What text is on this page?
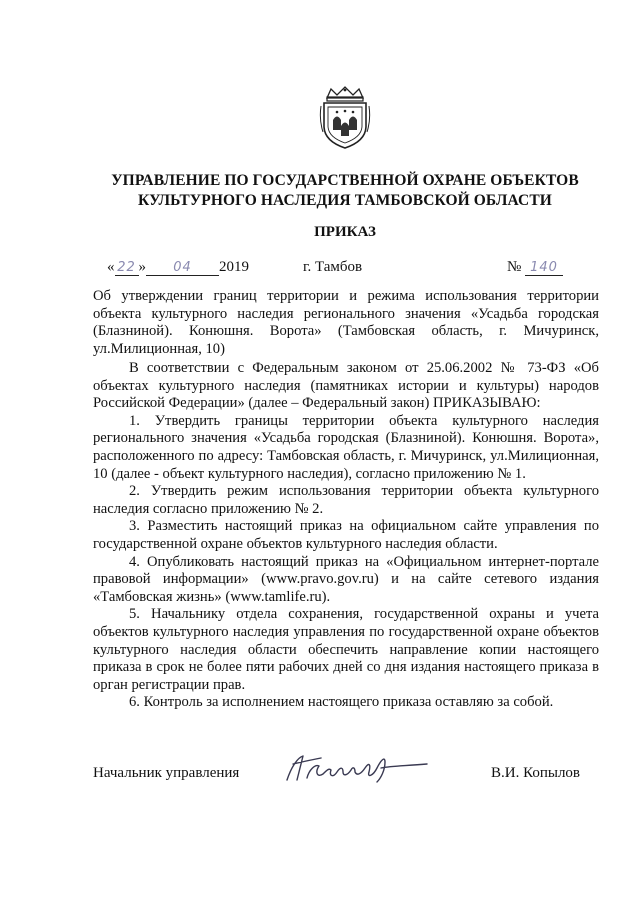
УПРАВЛЕНИЕ ПО ГОСУДАРСТВЕННОЙ ОХРАНЕ ОБЪЕКТОВ
КУЛЬТУРНОГО НАСЛЕДИЯ ТАМБОВСКОЙ ОБЛАСТИ
ПРИКАЗ
« 22 » 04 2019	г. Тамбов	№ 140
Об утверждении границ территории и режима использования территории объекта культурного наследия регионального значения «Усадьба городская (Блазниной). Конюшня. Ворота» (Тамбовская область, г. Мичуринск, ул.Милиционная, 10)

В соответствии с Федеральным законом от 25.06.2002 № 73-ФЗ «Об объектах культурного наследия (памятниках истории и культуры) народов Российской Федерации» (далее – Федеральный закон) ПРИКАЗЫВАЮ:

1. Утвердить границы территории объекта культурного наследия регионального значения «Усадьба городская (Блазниной). Конюшня. Ворота», расположенного по адресу: Тамбовская область, г. Мичуринск, ул.Милиционная, 10 (далее - объект культурного наследия), согласно приложению № 1.

2. Утвердить режим использования территории объекта культурного наследия согласно приложению № 2.

3. Разместить настоящий приказ на официальном сайте управления по государственной охране объектов культурного наследия области.

4. Опубликовать настоящий приказ на «Официальном интернет-портале правовой информации» (www.pravo.gov.ru) и на сайте сетевого издания «Тамбовская жизнь» (www.tamlife.ru).

5. Начальнику отдела сохранения, государственной охраны и учета объектов культурного наследия управления по государственной охране объектов культурного наследия области обеспечить направление копии настоящего приказа в срок не более пяти рабочих дней со дня издания настоящего приказа в орган регистрации прав.

6. Контроль за исполнением настоящего приказа оставляю за собой.

Начальник управления	В.И. Копылов
